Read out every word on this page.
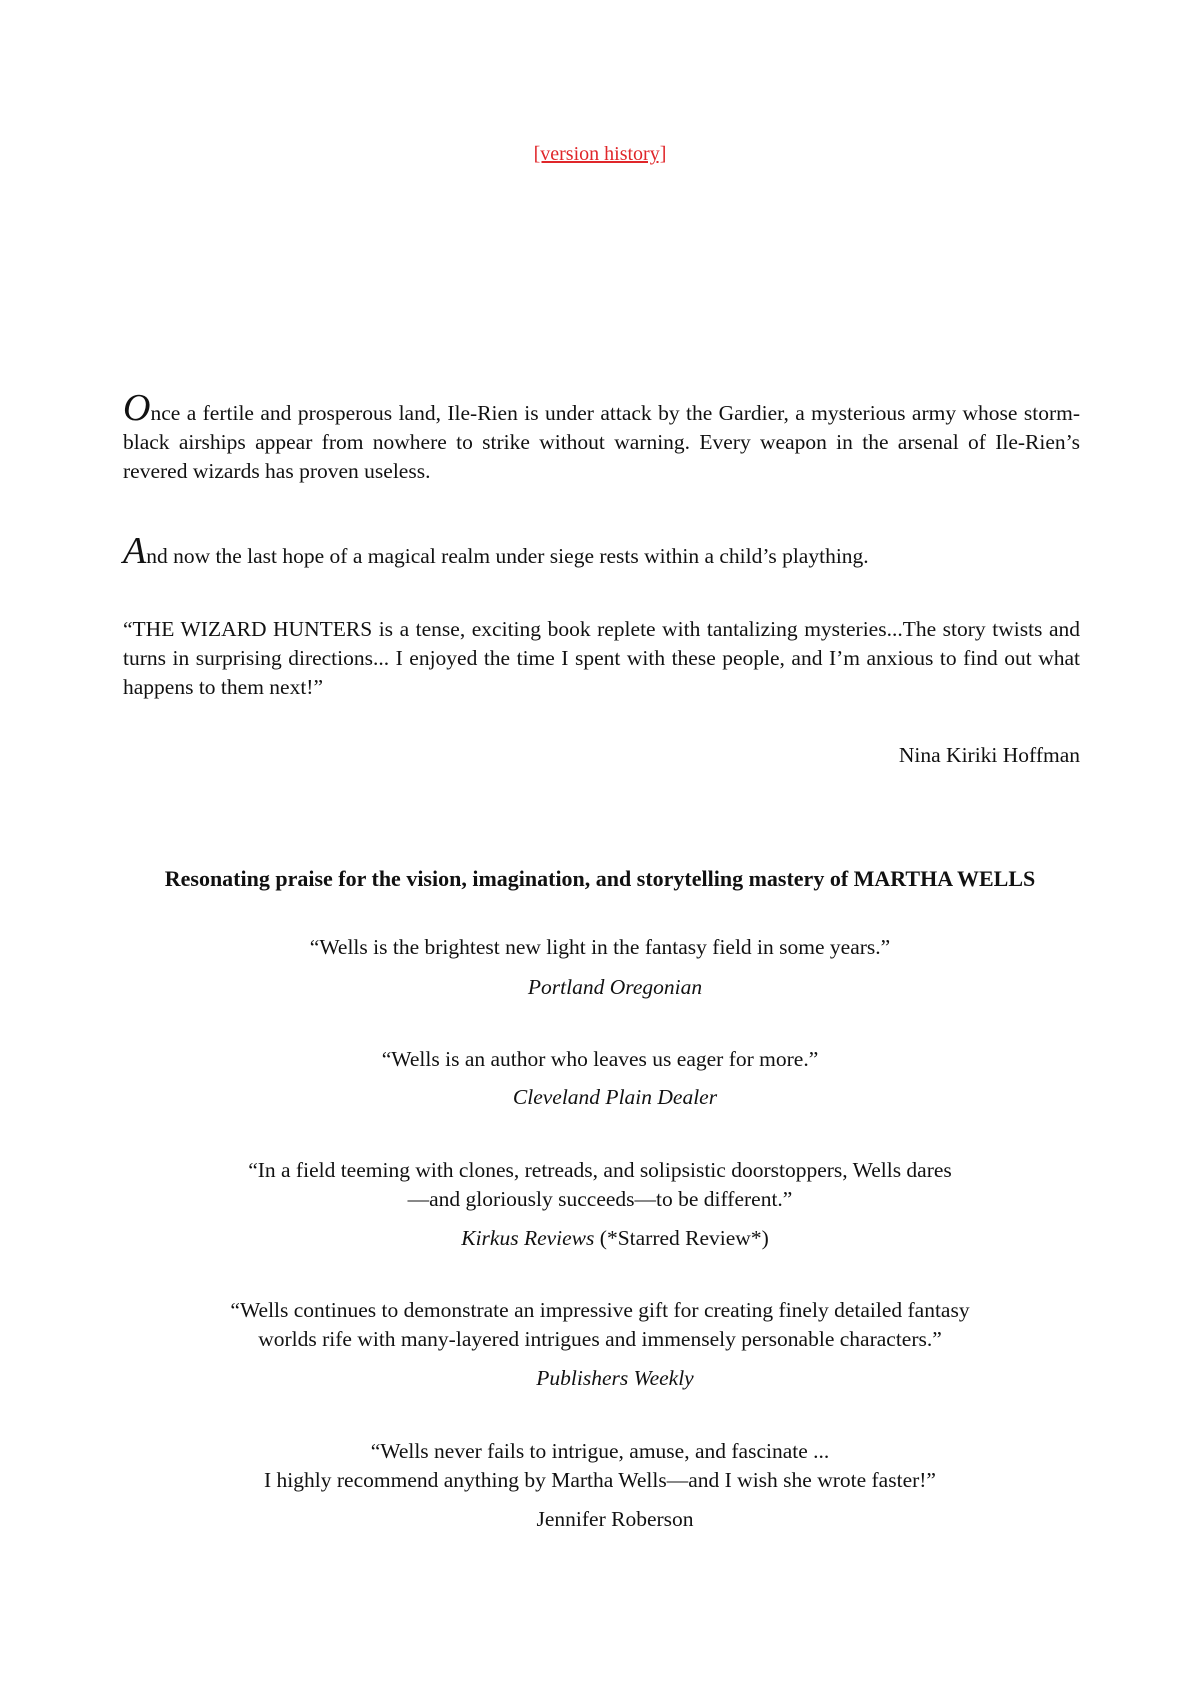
[version history]

Once a fertile and prosperous land, Ile-Rien is under attack by the Gardier, a mysterious army whose storm-black airships appear from nowhere to strike without warning. Every weapon in the arsenal of Ile-Rien’s revered wizards has proven useless.

And now the last hope of a magical realm under siege rests within a child’s plaything.

“THE WIZARD HUNTERS is a tense, exciting book replete with tantalizing mysteries...The story twists and turns in surprising directions... I enjoyed the time I spent with these people, and I’m anxious to find out what happens to them next!”

Nina Kiriki Hoffman

Resonating praise for the vision, imagination, and storytelling mastery of MARTHA WELLS

“Wells is the brightest new light in the fantasy field in some years.”

Portland Oregonian

“Wells is an author who leaves us eager for more.”

Cleveland Plain Dealer

“In a field teeming with clones, retreads, and solipsistic doorstoppers, Wells dares
—and gloriously succeeds—to be different.”

Kirkus Reviews (*Starred Review*)

“Wells continues to demonstrate an impressive gift for creating finely detailed fantasy
worlds rife with many-layered intrigues and immensely personable characters.”

Publishers Weekly

“Wells never fails to intrigue, amuse, and fascinate ...
I highly recommend anything by Martha Wells—and I wish she wrote faster!”

Jennifer Roberson
